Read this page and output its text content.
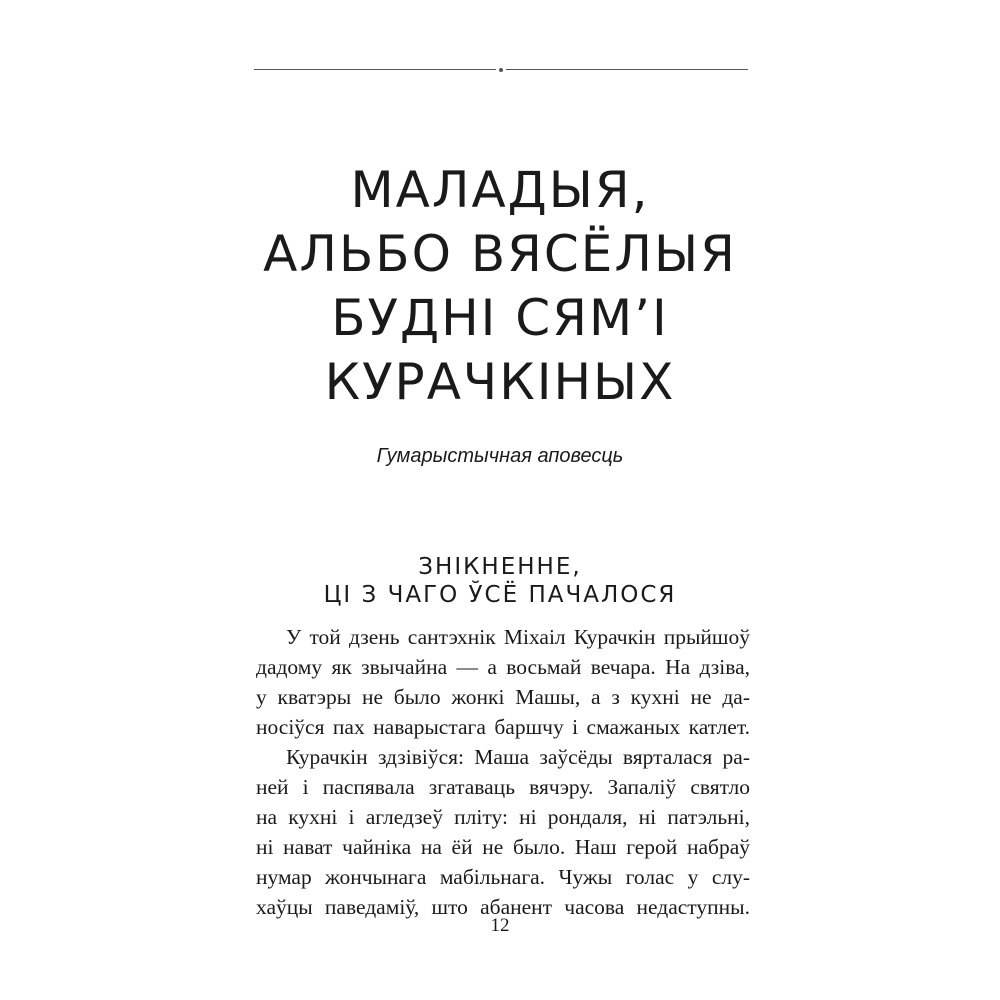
МАЛАДЫЯ,
АЛЬБО ВЯСЁЛЫЯ
БУДНІ СЯМ’І
КУРАЧКІНЫХ
Гумарыстычная аповесць
ЗНІКНЕННЕ,
ЦІ З ЧАГО ЎСЁ ПАЧАЛОСЯ
У той дзень сантэхнік Міхаіл Курачкін прыйшоў
дадому як звычайна — а восьмай вечара. На дзіва,
у кватэры не было жонкі Машы, а з кухні не да-
носіўся пах наварыстага баршчу і смажаных катлет.
Курачкін здзівіўся: Маша заўсёды вярталася ра-
ней і паспявала згатаваць вячэру. Запаліў святло
на кухні і агледзеў пліту: ні рондаля, ні патэльні,
ні нават чайніка на ёй не было. Наш герой набраў
нумар жончынага мабільнага. Чужы голас у слу-
хаўцы паведаміў, што абанент часова недаступны.
12
